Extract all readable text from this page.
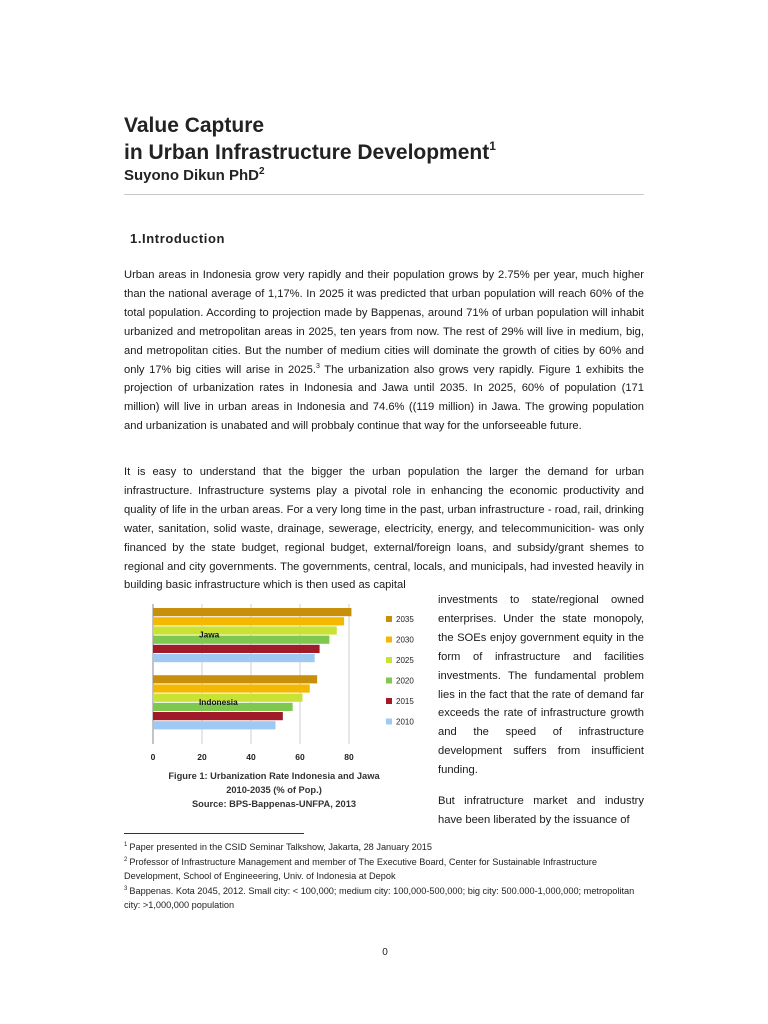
Value Capture
in Urban Infrastructure Development$^1$
Suyono Dikun PhD$^2$
1.Introduction

Urban areas in Indonesia grow very rapidly and their population grows by 2.75% per year, much higher than the national average of 1,17%. In 2025 it was predicted that urban population will reach 60% of the total population. According to projection made by Bappenas, around 71% of urban population will inhabit urbanized and metropolitan areas in 2025, ten years from now. The rest of 29% will live in medium, big, and metropolitan cities. But the number of medium cities will dominate the growth of cities by 60% and only 17% big cities will arise in 2025.$^3$ The urbanization also grows very rapidly. Figure 1 exhibits the projection of urbanization rates in Indonesia and Jawa until 2035. In 2025, 60% of population (171 million) will live in urban areas in Indonesia and 74.6% ((119 million) in Jawa. The growing population and urbanization is unabated and will probbaly continue that way for the unforseeable future.

It is easy to understand that the bigger the urban population the larger the demand for urban infrastructure. Infrastructure systems play a pivotal role in enhancing the economic productivity and quality of life in the urban areas. For a very long time in the past, urban infrastructure - road, rail, drinking water, sanitation, solid waste, drainage, sewerage, electricity, energy, and telecommunicition- was only financed by the state budget, regional budget, external/foreign loans, and subsidy/grant shemes to regional and city governments. The governments, central, locals, and municipals, had invested heavily in building basic infrastructure which is then used as capital

investments to state/regional owned enterprises. Under the state monopoly, the SOEs enjoy government equity in the form of infrastructure and facilities investments. The fundamental problem lies in the fact that the rate of demand far exceeds the rate of infrastructure growth and the speed of infrastructure development suffers from insufficient funding.

But infratructure market and industry have been liberated by the issuance of

0	20	40	60	80
Jawa
Indonesia
2035
2030
2025
2020
2015
2010
Figure 1: Urbanization Rate Indonesia and Jawa
2010-2035 (% of Pop.)
Source: BPS-Bappenas-UNFPA, 2013
$^1$ Paper presented in the CSID Seminar Talkshow, Jakarta, 28 January 2015
$^2$ Professor of Infrastructure Management and member of The Executive Board, Center for Sustainable Infrastructure Development, School of Engineeering, Univ. of Indonesia at Depok
$^3$ Bappenas. Kota 2045, 2012. Small city: < 100,000; medium city: 100,000-500,000; big city: 500.000-1,000,000; metropolitan city: >1,000,000 population
0
